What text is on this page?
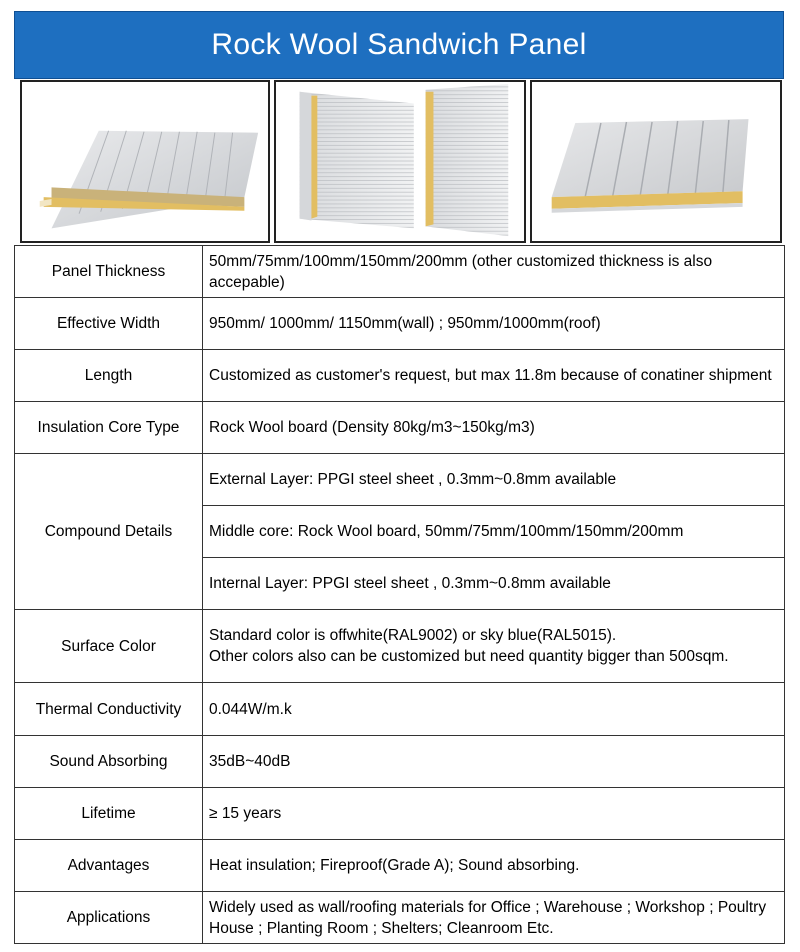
Rock Wool Sandwich Panel
Panel Thickness	50mm/75mm/100mm/150mm/200mm (other customized thickness is also accepable)

Effective Width	950mm/ 1000mm/ 1150mm(wall) ; 950mm/1000mm(roof)

Length	Customized as customer's request, but max 11.8m because of conatiner shipment

Insulation Core Type	Rock Wool board (Density 80kg/m3~150kg/m3)

Compound Details	External Layer: PPGI steel sheet , 0.3mm~0.8mm available

	Middle core: Rock Wool board, 50mm/75mm/100mm/150mm/200mm

	Internal Layer: PPGI steel sheet , 0.3mm~0.8mm available

Surface Color	Standard color is offwhite(RAL9002) or sky blue(RAL5015).
Other colors also can be customized but need quantity bigger than 500sqm.

Thermal Conductivity	0.044W/m.k

Sound Absorbing	35dB~40dB

Lifetime	≥ 15 years

Advantages	Heat insulation; Fireproof(Grade A); Sound absorbing.

Applications	Widely used as wall/roofing materials for Office ; Warehouse ; Workshop ; Poultry House ; Planting Room ; Shelters; Cleanroom Etc.
